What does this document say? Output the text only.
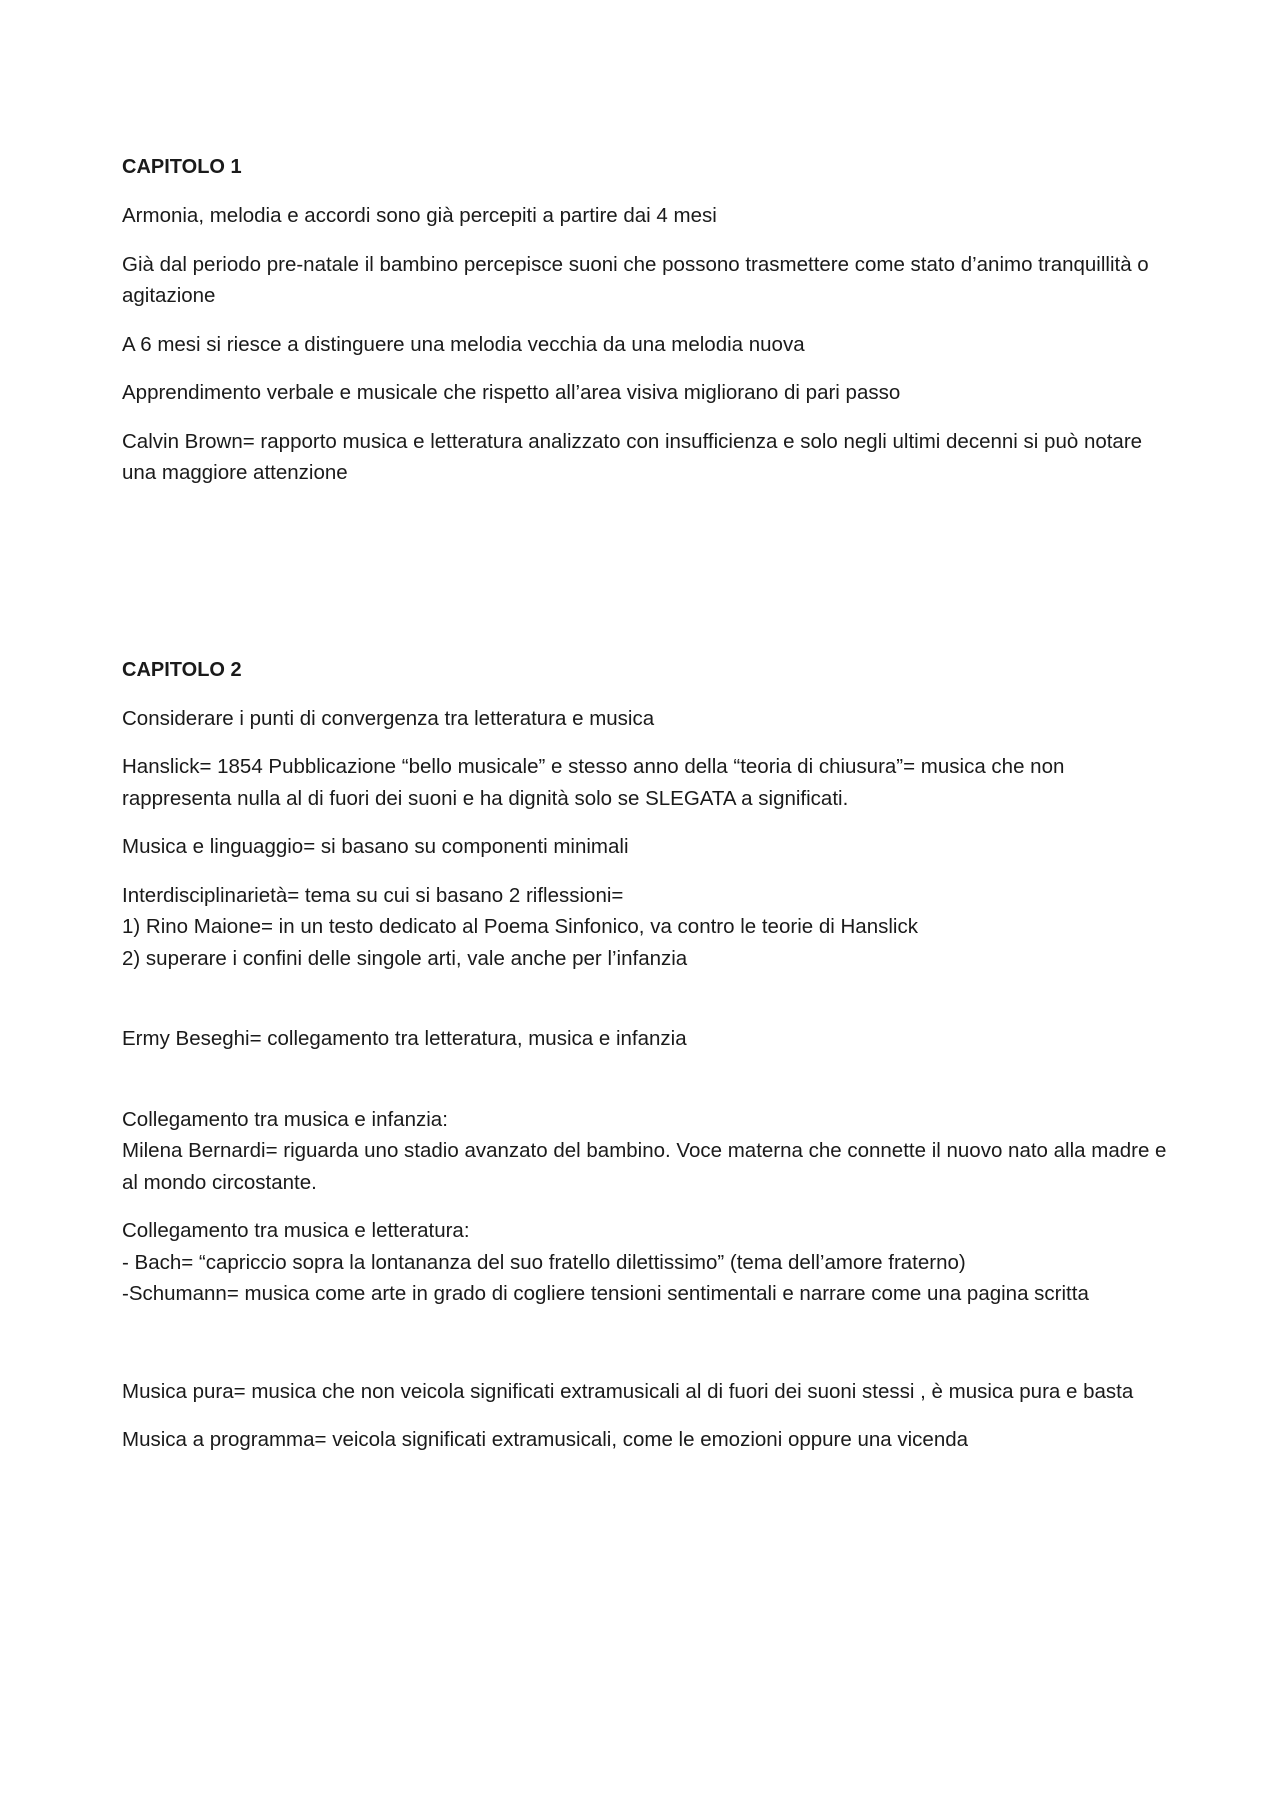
CAPITOLO 1
Armonia, melodia e accordi sono già percepiti a partire dai 4 mesi
Già dal periodo pre-natale il bambino percepisce suoni che possono trasmettere come stato d’animo tranquillità o agitazione
A 6 mesi si riesce a distinguere una melodia vecchia da una melodia nuova
Apprendimento verbale e musicale che rispetto all’area visiva migliorano di pari passo
Calvin Brown= rapporto musica e letteratura analizzato con insufficienza e solo negli ultimi decenni si può notare una maggiore attenzione
CAPITOLO 2
Considerare i punti di convergenza tra letteratura e musica
Hanslick= 1854 Pubblicazione “bello musicale” e stesso anno della “teoria di chiusura”= musica che non rappresenta nulla al di fuori dei suoni e ha dignità solo se SLEGATA a significati.
Musica e linguaggio= si basano su componenti minimali
Interdisciplinarietà= tema su cui si basano 2 riflessioni=
1) Rino Maione= in un testo dedicato al Poema Sinfonico, va contro le teorie di Hanslick
2) superare i confini delle singole arti, vale anche per l’infanzia
Ermy Beseghi= collegamento tra letteratura, musica e infanzia
Collegamento tra musica e infanzia:
Milena Bernardi= riguarda uno stadio avanzato del bambino. Voce materna che connette il nuovo nato alla madre e al mondo circostante.
Collegamento tra musica e letteratura:
- Bach= “capriccio sopra la lontananza del suo fratello dilettissimo” (tema dell’amore fraterno)
-Schumann= musica come arte in grado di cogliere tensioni sentimentali e narrare come una pagina scritta
Musica pura= musica che non veicola significati extramusicali al di fuori dei suoni stessi , è musica pura e basta
Musica a programma= veicola significati extramusicali, come le emozioni oppure una vicenda
